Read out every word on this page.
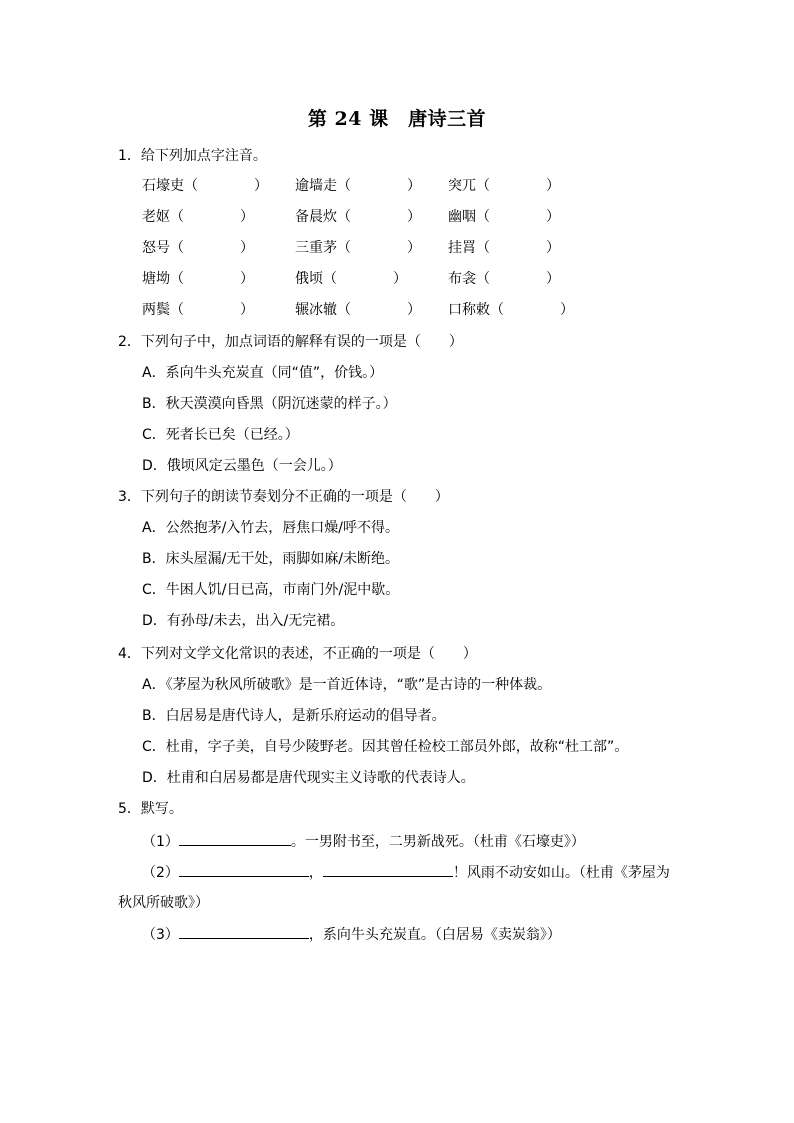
第 24 课　唐诗三首
1．给下列加点字注音。
石壕吏（　　　　） 逾墙走（　　　　） 突兀（　　　　）
老妪（　　　　）	备晨炊（　　　　） 幽咽（　　　　）
怒号（　　　　）	三重茅（　　　　） 挂罥（　　　　）
塘坳（　　　　）	俄顷（　　　　）	布衾（　　　　）
两鬓（　　　　）	辗冰辙（　　　　） 口称敕（　　　　）
2．下列句子中，加点词语的解释有误的一项是（　　）
A．系向牛头充炭直（同“值”，价钱。）
B．秋天漠漠向昏黑（阴沉迷蒙的样子。）
C．死者长已矣（已经。）
D．俄顷风定云墨色（一会儿。）
3．下列句子的朗读节奏划分不正确的一项是（　　）
A．公然抱茅/入竹去，唇焦口燥/呼不得。
B．床头屋漏/无干处，雨脚如麻/未断绝。
C．牛困人饥/日已高，市南门外/泥中歇。
D．有孙母/未去，出入/无完裙。
4．下列对文学文化常识的表述，不正确的一项是（　　）
A．《茅屋为秋风所破歌》是一首近体诗，“歌”是古诗的一种体裁。
B．白居易是唐代诗人，是新乐府运动的倡导者。
C．杜甫，字子美，自号少陵野老。因其曾任检校工部员外郎，故称“杜工部”。
D．杜甫和白居易都是唐代现实主义诗歌的代表诗人。
5．默写。
（1）	。一男附书至，二男新战死。（杜甫《石壕吏》）
（2）	，	！风雨不动安如山。（杜甫《茅屋为
秋风所破歌》）
（3）	，系向牛头充炭直。（白居易《卖炭翁》）
